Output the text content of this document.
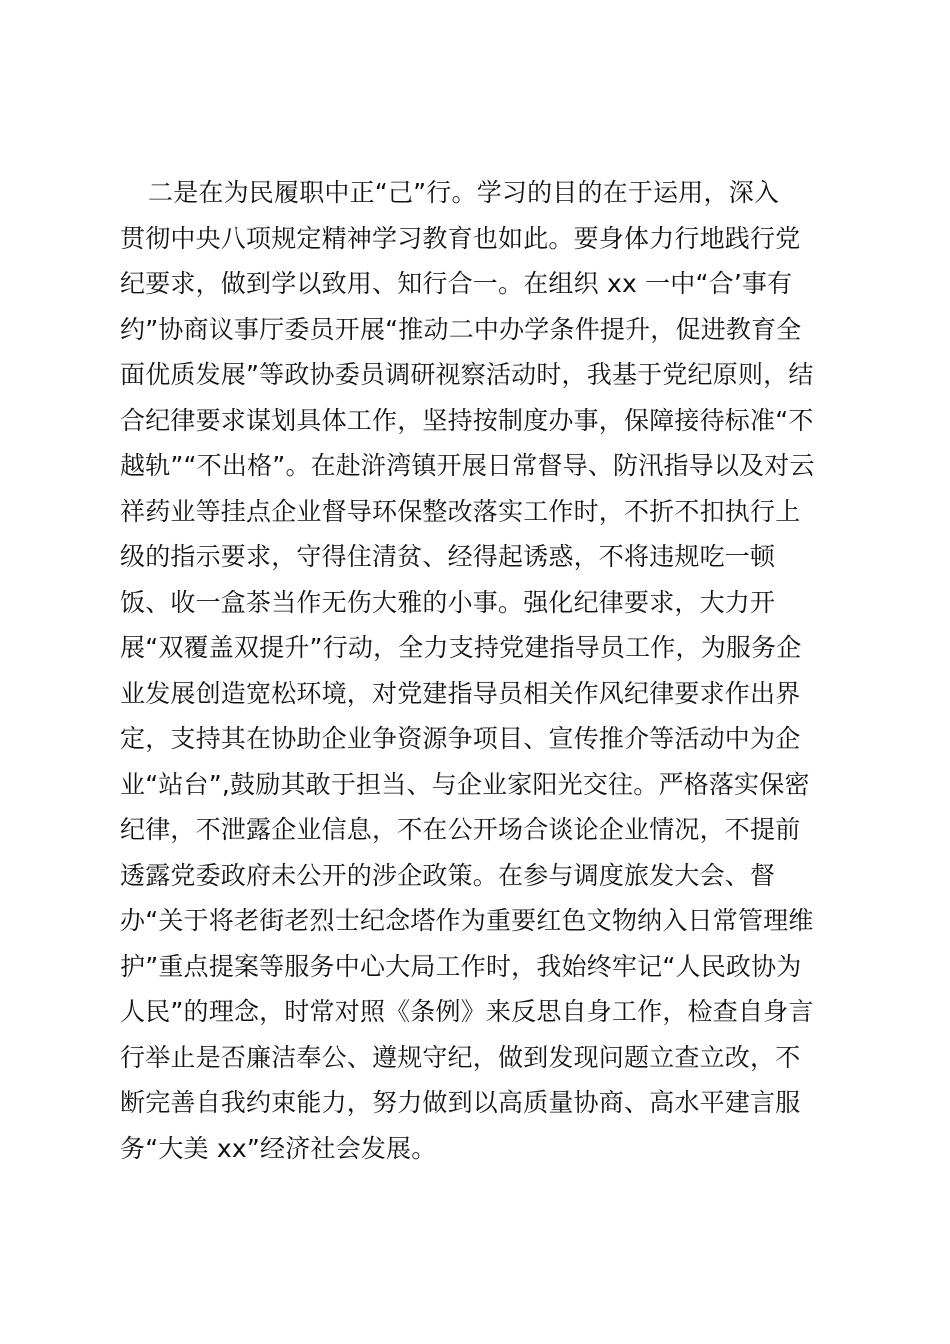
二是在为民履职中正“己”行。学习的目的在于运用，深入
贯彻中央八项规定精神学习教育也如此。要身体力行地践行党
纪要求，做到学以致用、知行合一。在组织 xx 一中“合’事有
约”协商议事厅委员开展“推动二中办学条件提升，促进教育全
面优质发展”等政协委员调研视察活动时，我基于党纪原则，结
合纪律要求谋划具体工作，坚持按制度办事，保障接待标准“不
越轨”“不出格”。在赴浒湾镇开展日常督导、防汛指导以及对云
祥药业等挂点企业督导环保整改落实工作时，不折不扣执行上
级的指示要求，守得住清贫、经得起诱惑，不将违规吃一顿
饭、收一盒茶当作无伤大雅的小事。强化纪律要求，大力开
展“双覆盖双提升”行动，全力支持党建指导员工作，为服务企
业发展创造宽松环境，对党建指导员相关作风纪律要求作出界
定，支持其在协助企业争资源争项目、宣传推介等活动中为企
业“站台”,鼓励其敢于担当、与企业家阳光交往。严格落实保密
纪律，不泄露企业信息，不在公开场合谈论企业情况，不提前
透露党委政府未公开的涉企政策。在参与调度旅发大会、督
办“关于将老街老烈士纪念塔作为重要红色文物纳入日常管理维
护”重点提案等服务中心大局工作时，我始终牢记“人民政协为
人民”的理念，时常对照《条例》来反思自身工作，检查自身言
行举止是否廉洁奉公、遵规守纪，做到发现问题立查立改，不
断完善自我约束能力，努力做到以高质量协商、高水平建言服
务“大美 xx”经济社会发展。
